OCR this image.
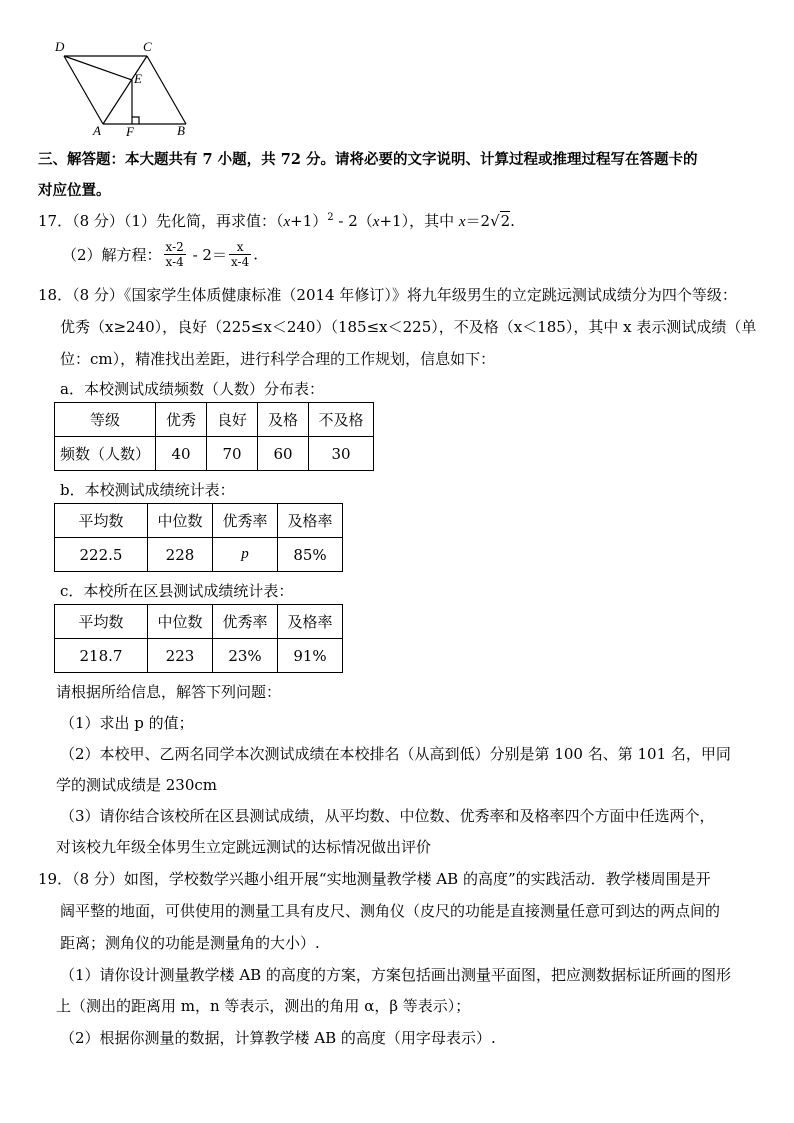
D	C
E
A F	B
三、解答题：本大题共有 7 小题，共 72 分。请将必要的文字说明、计算过程或推理过程写在答题卡的
对应位置。
17．（8 分）（1）先化简，再求值：$(x+1)^2 - 2(x+1)$，其中 x＝2√2.
（2）解方程： $\frac{x-2}{x-4} - 2= \frac{x}{x-4}$ .
18．（8 分）《国家学生体质健康标准（2014 年修订）》将九年级男生的立定跳远测试成绩分为四个等级：
优秀（x≥240），良好（225≤x＜240）（185≤x＜225），不及格（x＜185），其中 x 表示测试成绩（单
位：cm），精准找出差距，进行科学合理的工作规划，信息如下：
a．本校测试成绩频数（人数）分布表：
等级	优秀	良好	及格	不及格
频数（人数）	40	70	60	30
b．本校测试成绩统计表：
平均数	中位数	优秀率	及格率
222.5	228	p	85%
c．本校所在区县测试成绩统计表：
平均数	中位数	优秀率	及格率
218.7	223	23%	91%
请根据所给信息，解答下列问题：
（1）求出 p 的值；
（2）本校甲、乙两名同学本次测试成绩在本校排名（从高到低）分别是第 100 名、第 101 名，甲同
学的测试成绩是 230cm
（3）请你结合该校所在区县测试成绩，从平均数、中位数、优秀率和及格率四个方面中任选两个，
对该校九年级全体男生立定跳远测试的达标情况做出评价
19．（8 分）如图，学校数学兴趣小组开展“实地测量教学楼 AB 的高度”的实践活动．教学楼周围是开
阔平整的地面，可供使用的测量工具有皮尺、测角仪（皮尺的功能是直接测量任意可到达的两点间的
距离；测角仪的功能是测量角的大小）.
（1）请你设计测量教学楼 AB 的高度的方案，方案包括画出测量平面图，把应测数据标证所画的图形
上（测出的距离用 m，n 等表示，测出的角用 α，β 等表示）；
（2）根据你测量的数据，计算教学楼 AB 的高度（用字母表示）.
